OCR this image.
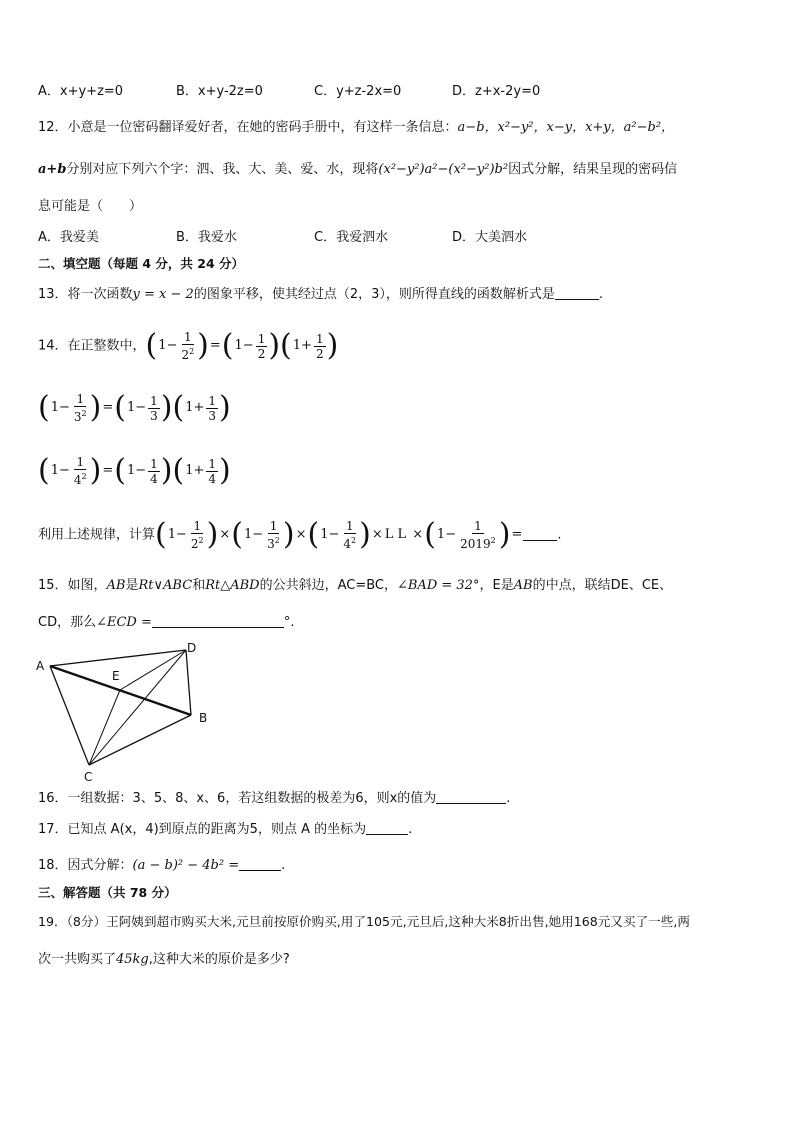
A．x+y+z=0	B．x+y-2z=0	C．y+z-2x=0	D．z+x-2y=0
12．小意是一位密码翻译爱好者，在她的密码手册中，有这样一条信息：a−b，x²−y²，x−y，x+y，a²−b²，
a+b分别对应下列六个字：泗、我、大、美、爱、水，现将(x²−y²)a²−(x²−y²)b²因式分解，结果呈现的密码信
息可能是（　　）
A．我爱美	B．我爱水	C．我爱泗水	D．大美泗水
二、填空题（每题 4 分，共 24 分）
13．将一次函数y = x − 2的图象平移，使其经过点（2，3），则所得直线的函数解析式是	.
14．在正整数中， ( $1- \frac{1}{2^2}$ ) = ( $1- \frac{1}{2}$ ) ( $1+ \frac{1}{2}$ )
( $1- \frac{1}{3^2}$ ) = ( $1- \frac{1}{3}$ ) ( $1+ \frac{1}{3}$ )
( $1- \frac{1}{4^2}$ ) = ( $1- \frac{1}{4}$ ) ( $1+ \frac{1}{4}$ )
利用上述规律，计算 ( $1- \frac{1}{2^2}$ ) × ( $1- \frac{1}{3^2}$ ) × ( $1- \frac{1}{4^2}$ ) × L L × ( $1- \frac{1}{2019^2}$ ) =	.
15．如图，AB是Rt∨ABC和Rt△ABD的公共斜边，AC=BC，∠BAD = 32°，E是AB的中点，联结DE、CE、
CD，那么∠ECD =	°.
A
D
E
B
C
16．一组数据：3、5、8、x、6，若这组数据的极差为6，则x的值为	.
17．已知点 A(x，4)到原点的距离为5，则点 A 的坐标为	.
18．因式分解：(a − b)² − 4b² =	.
三、解答题（共 78 分）
19．（8分）王阿姨到超市购买大米,元旦前按原价购买,用了105元,元旦后,这种大米8折出售,她用168元又买了一些,两
次一共购买了45kg,这种大米的原价是多少?
